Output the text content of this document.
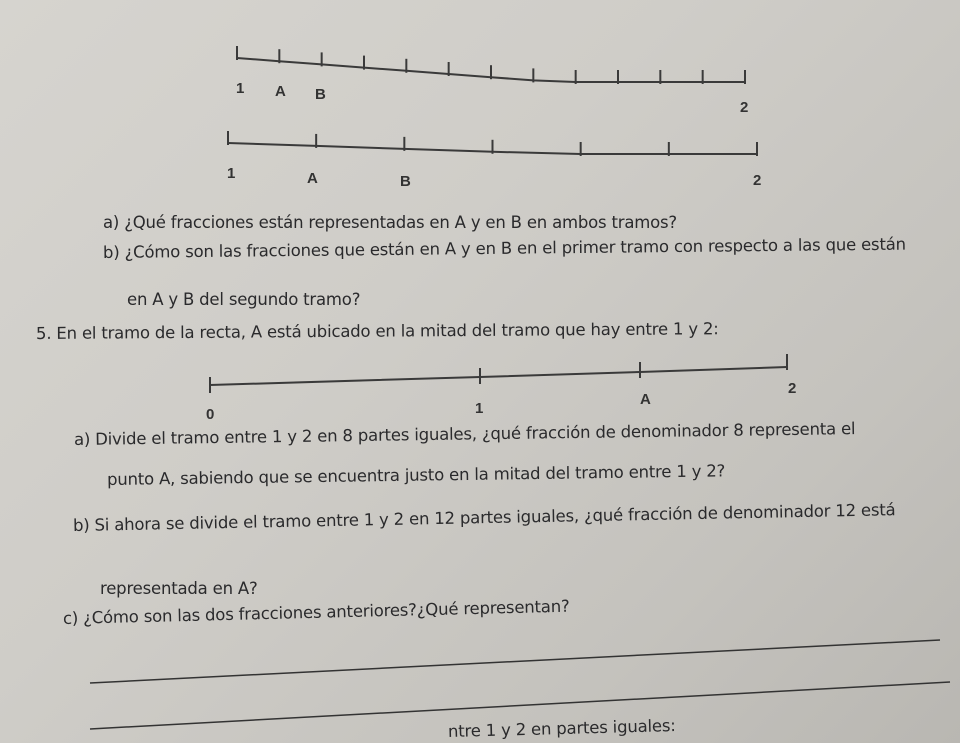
1 A B
2
1	A	B	2
a) ¿Qué fracciones están representadas en A y en B en ambos tramos?
b) ¿Cómo son las fracciones que están en A y en B en el primer tramo con respecto a las que están
en A y B del segundo tramo?
5. En el tramo de la recta, A está ubicado en la mitad del tramo que hay entre 1 y 2:
0	1
A
2
a) Divide el tramo entre 1 y 2 en 8 partes iguales, ¿qué fracción de denominador 8 representa el
punto A, sabiendo que se encuentra justo en la mitad del tramo entre 1 y 2?
b) Si ahora se divide el tramo entre 1 y 2 en 12 partes iguales, ¿qué fracción de denominador 12 está
representada en A?
c) ¿Cómo son las dos fracciones anteriores?¿Qué representan?
ntre 1 y 2 en partes iguales:
